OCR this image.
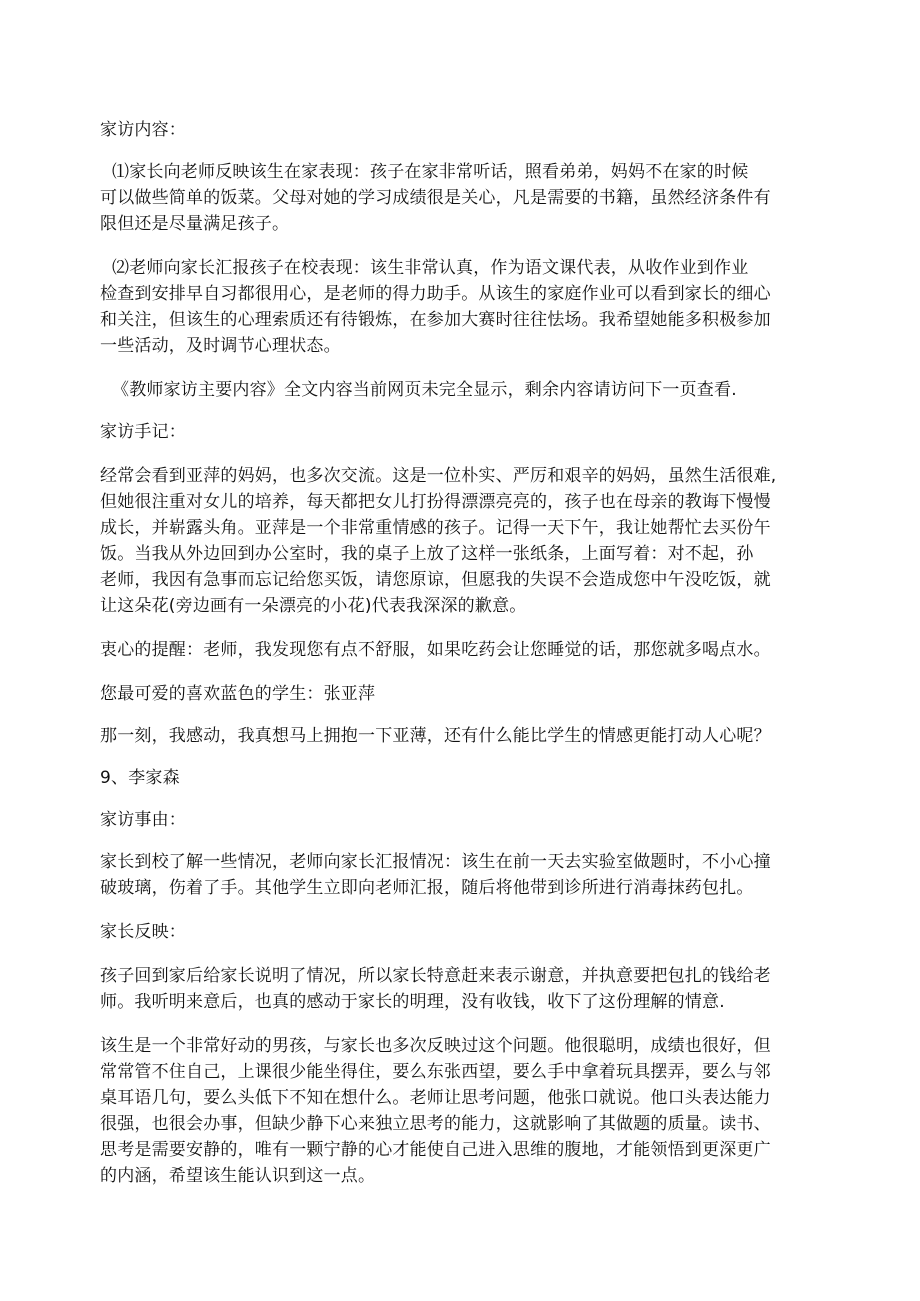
家访内容：
⑴家长向老师反映该生在家表现：孩子在家非常听话，照看弟弟，妈妈不在家的时候
可以做些简单的饭菜。父母对她的学习成绩很是关心，凡是需要的书籍，虽然经济条件有
限但还是尽量满足孩子。
⑵老师向家长汇报孩子在校表现：该生非常认真，作为语文课代表，从收作业到作业
检查到安排早自习都很用心，是老师的得力助手。从该生的家庭作业可以看到家长的细心
和关注，但该生的心理索质还有待锻炼，在参加大赛时往往怯场。我希望她能多积极参加
一些活动，及时调节心理状态。
《教师家访主要内容》全文内容当前网页未完全显示，剩余内容请访问下一页查看.
家访手记：
经常会看到亚萍的妈妈，也多次交流。这是一位朴实、严厉和艰辛的妈妈，虽然生活很难,
但她很注重对女儿的培养，每天都把女儿打扮得漂漂亮亮的，孩子也在母亲的教诲下慢慢
成长，并崭露头角。亚萍是一个非常重情感的孩子。记得一天下午，我让她帮忙去买份午
饭。当我从外边回到办公室时，我的桌子上放了这样一张纸条，上面写着：对不起，孙
老师，我因有急事而忘记给您买饭，请您原谅，但愿我的失误不会造成您中午没吃饭，就
让这朵花(旁边画有一朵漂亮的小花)代表我深深的歉意。
衷心的提醒：老师，我发现您有点不舒服，如果吃药会让您睡觉的话，那您就多喝点水。
您最可爱的喜欢蓝色的学生：张亚萍
那一刻，我感动，我真想马上拥抱一下亚薄，还有什么能比学生的情感更能打动人心呢？
9、李家森
家访事由：
家长到校了解一些情况，老师向家长汇报情况：该生在前一天去实验室做题时，不小心撞
破玻璃，伤着了手。其他学生立即向老师汇报，随后将他带到诊所进行消毒抹药包扎。
家长反映：
孩子回到家后给家长说明了情况，所以家长特意赶来表示谢意，并执意要把包扎的钱给老
师。我听明来意后，也真的感动于家长的明理，没有收钱，收下了这份理解的情意.
该生是一个非常好动的男孩，与家长也多次反映过这个问题。他很聪明，成绩也很好，但
常常管不住自己，上课很少能坐得住，要么东张西望，要么手中拿着玩具摆弄，要么与邻
桌耳语几句，要么头低下不知在想什么。老师让思考问题，他张口就说。他口头表达能力
很强，也很会办事，但缺少静下心来独立思考的能力，这就影响了其做题的质量。读书、
思考是需要安静的，唯有一颗宁静的心才能使自己进入思维的腹地，才能领悟到更深更广
的内涵，希望该生能认识到这一点。
